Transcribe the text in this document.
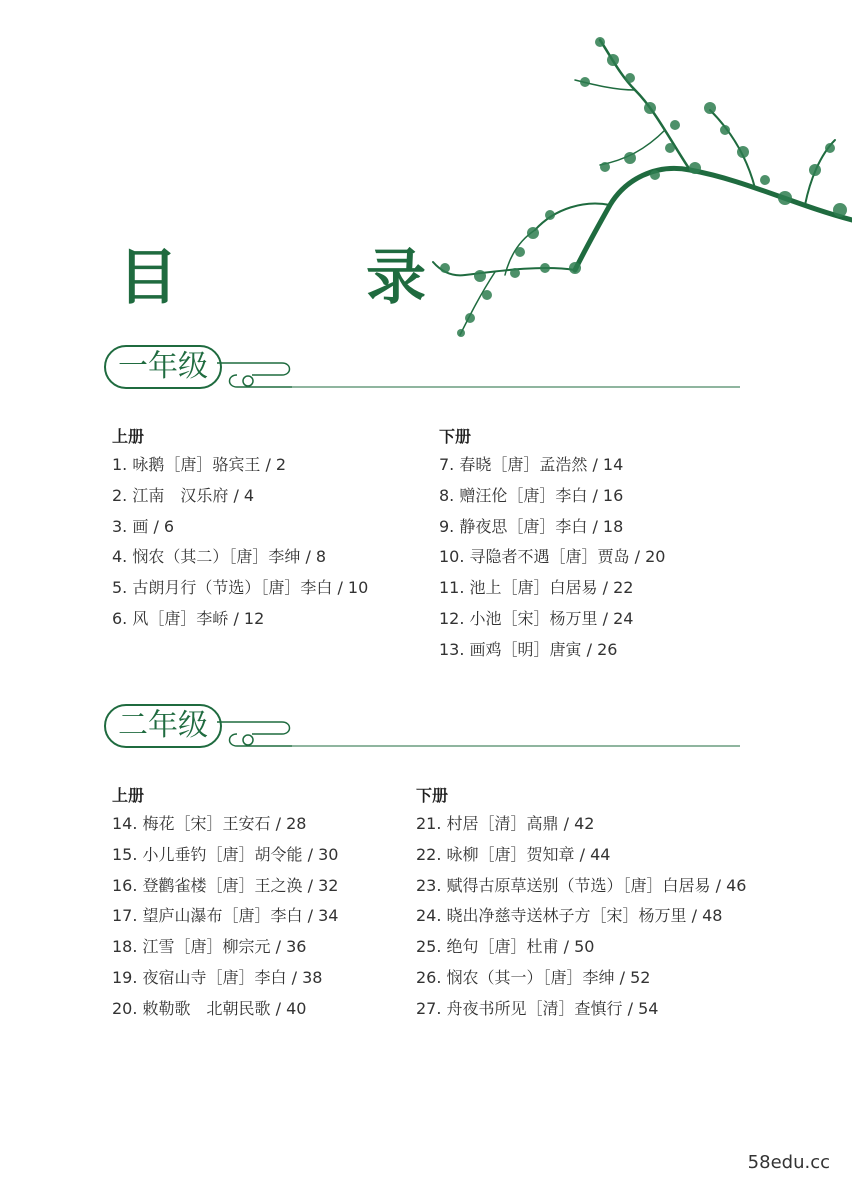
目　录
一年级
上册
1. 咏鹅［唐］骆宾王 / 2
2. 江南　汉乐府 / 4
3. 画 / 6
4. 悯农（其二）［唐］李绅 / 8
5. 古朗月行（节选）［唐］李白 / 10
6. 风［唐］李峤 / 12
下册
7. 春晓［唐］孟浩然 / 14
8. 赠汪伦［唐］李白 / 16
9. 静夜思［唐］李白 / 18
10. 寻隐者不遇［唐］贾岛 / 20
11. 池上［唐］白居易 / 22
12. 小池［宋］杨万里 / 24
13. 画鸡［明］唐寅 / 26
二年级
上册
14. 梅花［宋］王安石 / 28
15. 小儿垂钓［唐］胡令能 / 30
16. 登鹳雀楼［唐］王之涣 / 32
17. 望庐山瀑布［唐］李白 / 34
18. 江雪［唐］柳宗元 / 36
19. 夜宿山寺［唐］李白 / 38
20. 敕勒歌　北朝民歌 / 40
下册
21. 村居［清］高鼎 / 42
22. 咏柳［唐］贺知章 / 44
23. 赋得古原草送别（节选）［唐］白居易 / 46
24. 晓出净慈寺送林子方［宋］杨万里 / 48
25. 绝句［唐］杜甫 / 50
26. 悯农（其一）［唐］李绅 / 52
27. 舟夜书所见［清］查慎行 / 54
58edu.cc
